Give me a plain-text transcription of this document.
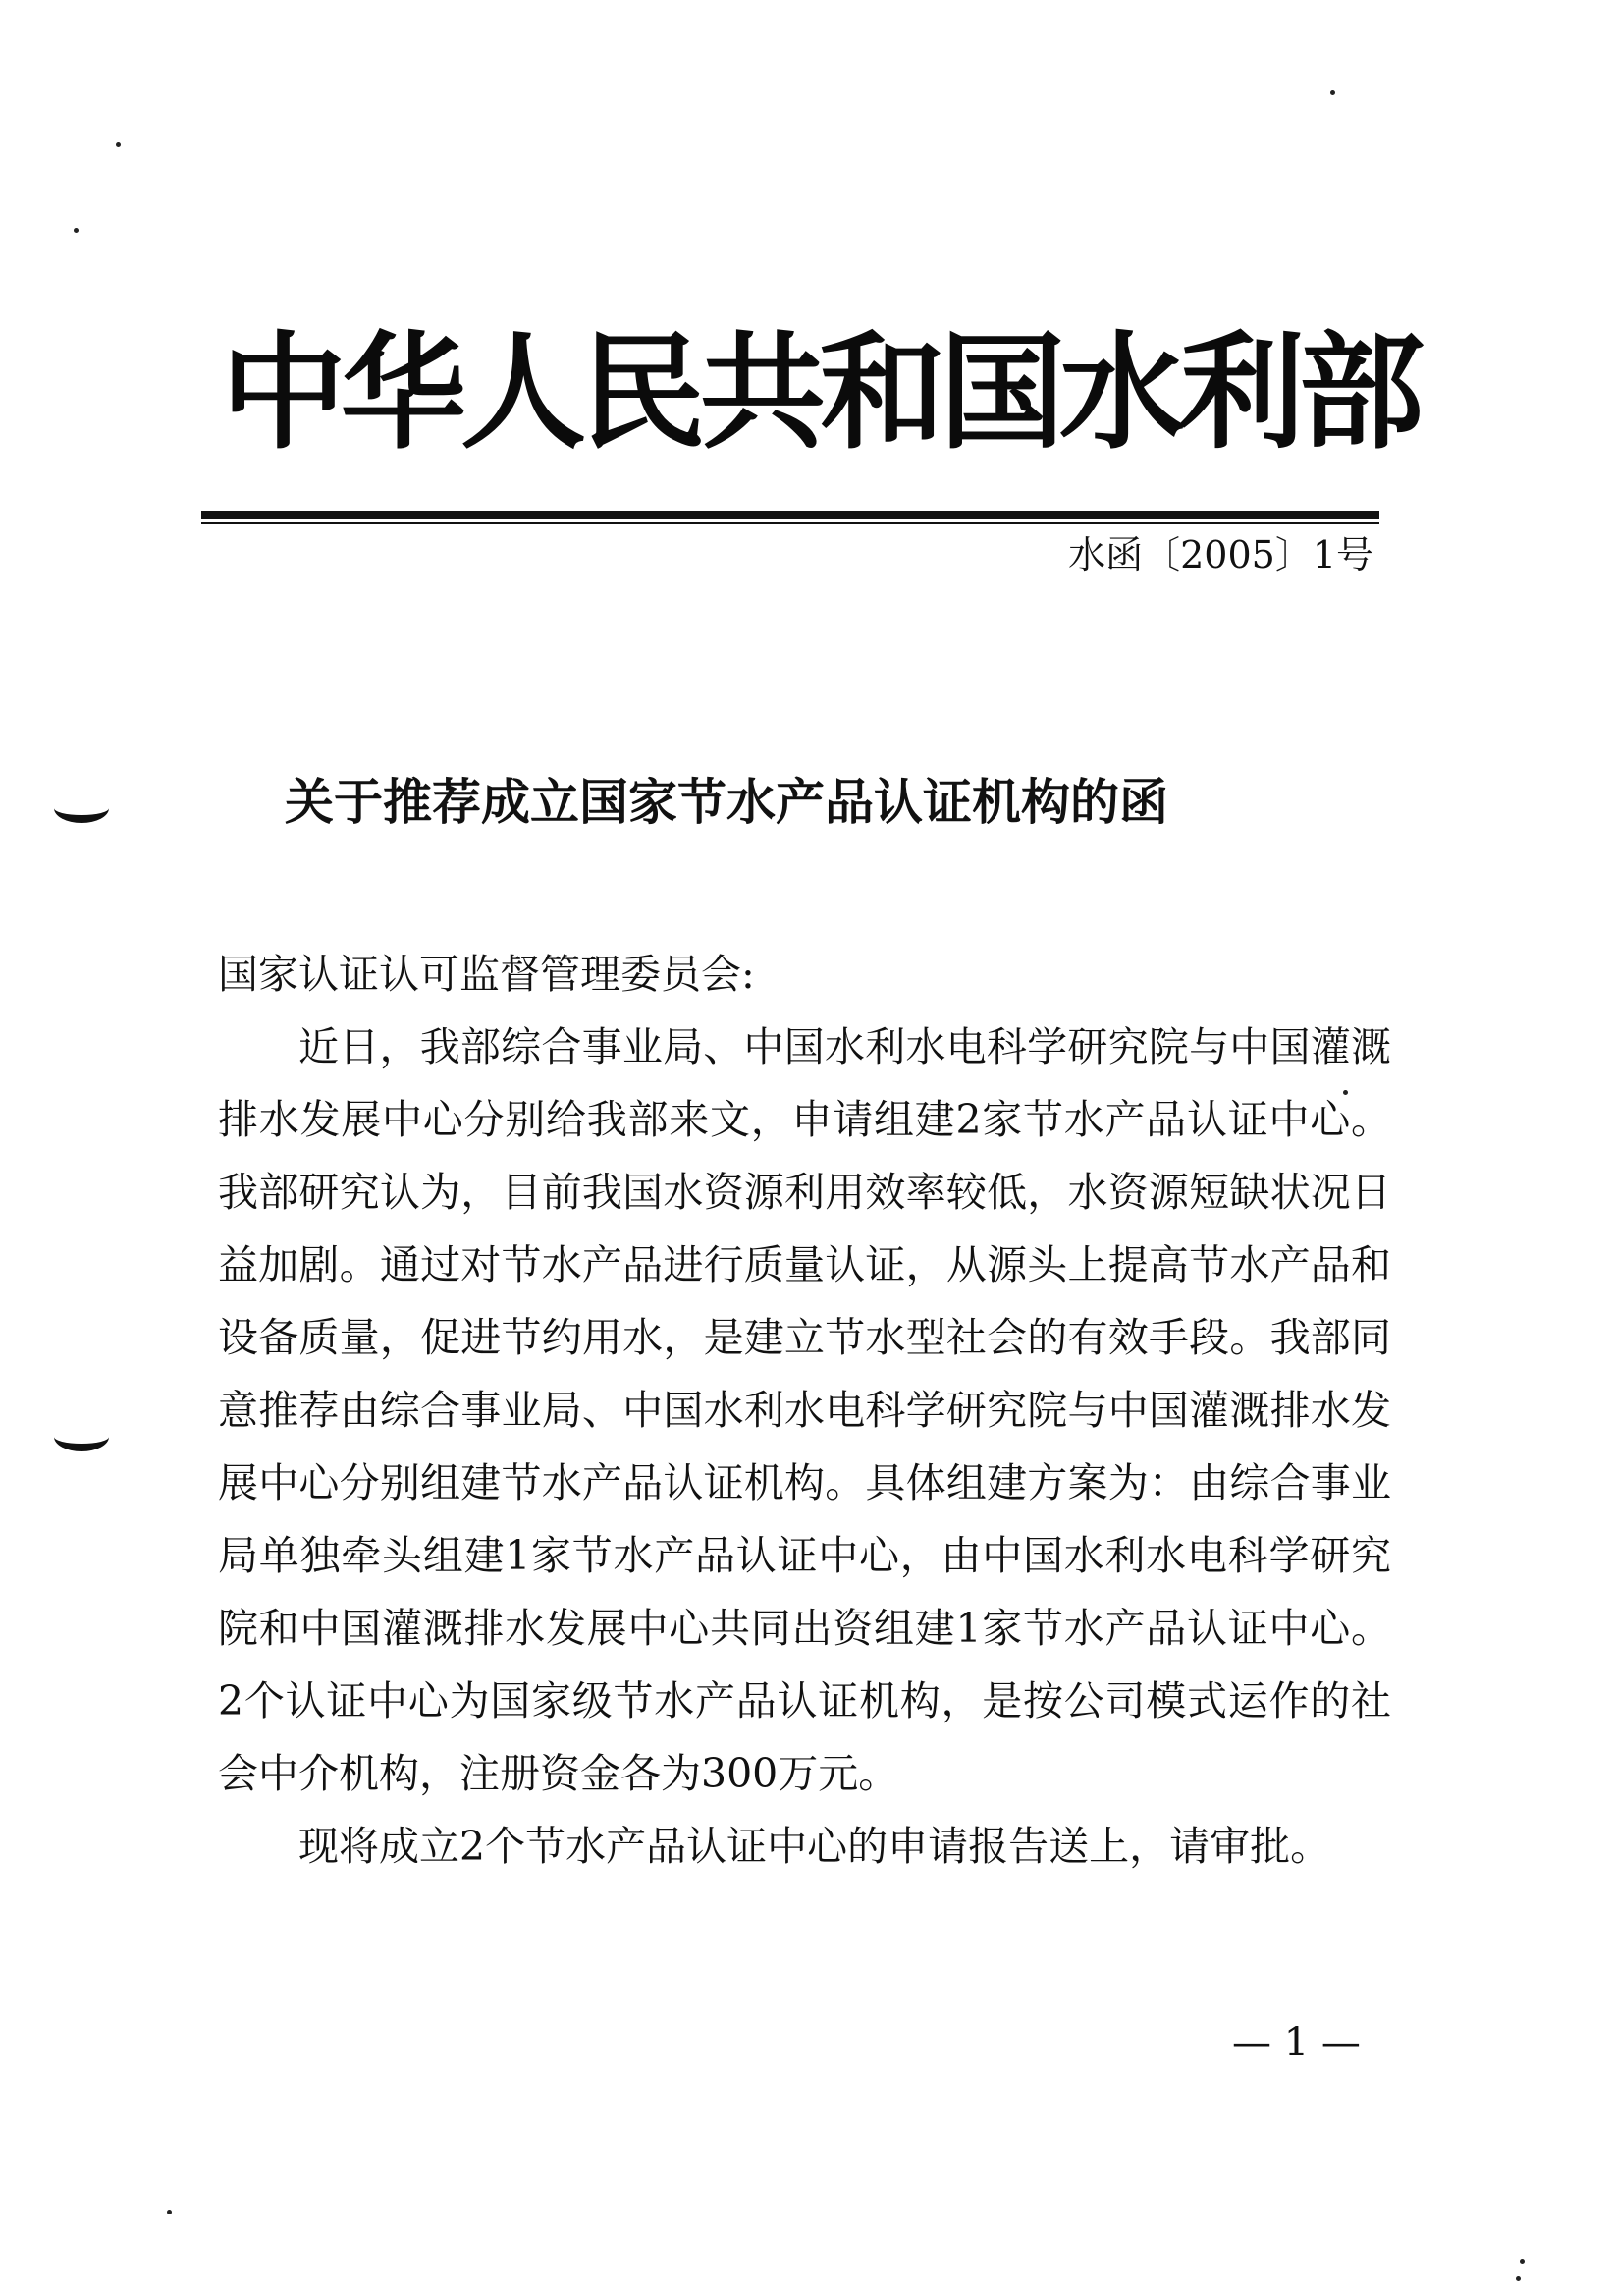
中华人民共和国水利部
水函〔2005〕1号
关于推荐成立国家节水产品认证机构的函

国家认证认可监督管理委员会:

近日，我部综合事业局、中国水利水电科学研究院与中国灌溉排水发展中心分别给我部来文，申请组建2家节水产品认证中心。我部研究认为，目前我国水资源利用效率较低，水资源短缺状况日益加剧。通过对节水产品进行质量认证，从源头上提高节水产品和设备质量，促进节约用水，是建立节水型社会的有效手段。我部同意推荐由综合事业局、中国水利水电科学研究院与中国灌溉排水发展中心分别组建节水产品认证机构。具体组建方案为：由综合事业局单独牵头组建1家节水产品认证中心，由中国水利水电科学研究院和中国灌溉排水发展中心共同出资组建1家节水产品认证中心。2个认证中心为国家级节水产品认证机构，是按公司模式运作的社会中介机构，注册资金各为300万元。

现将成立2个节水产品认证中心的申请报告送上，请审批。

— 1 —
